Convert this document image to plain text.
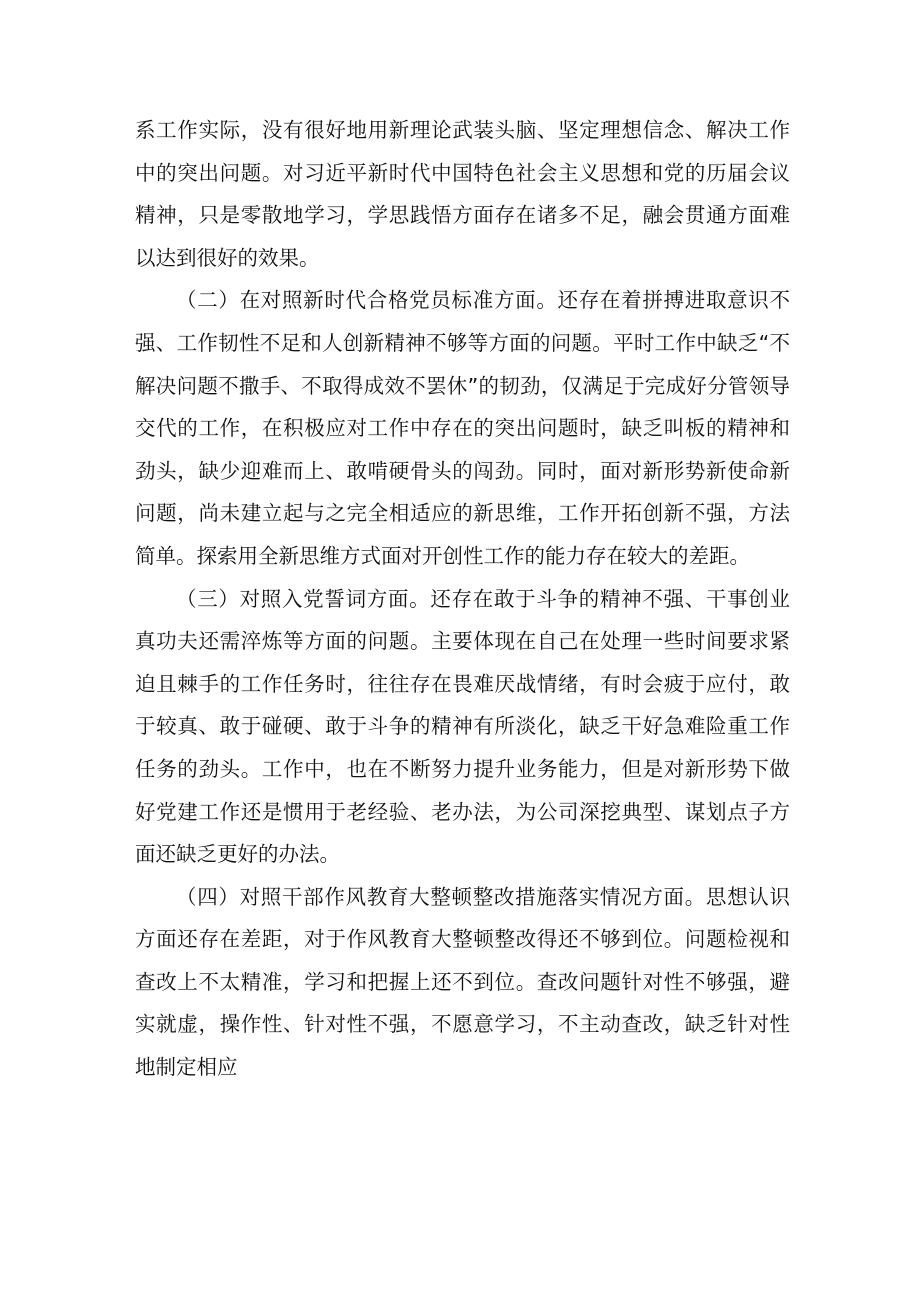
系工作实际，没有很好地用新理论武装头脑、坚定理想信念、解决工作中的突出问题。对习近平新时代中国特色社会主义思想和党的历届会议精神，只是零散地学习，学思践悟方面存在诸多不足，融会贯通方面难以达到很好的效果。

（二）在对照新时代合格党员标准方面。还存在着拼搏进取意识不强、工作韧性不足和人创新精神不够等方面的问题。平时工作中缺乏“不解决问题不撒手、不取得成效不罢休”的韧劲，仅满足于完成好分管领导交代的工作，在积极应对工作中存在的突出问题时，缺乏叫板的精神和劲头，缺少迎难而上、敢啃硬骨头的闯劲。同时，面对新形势新使命新问题，尚未建立起与之完全相适应的新思维，工作开拓创新不强，方法简单。探索用全新思维方式面对开创性工作的能力存在较大的差距。

（三）对照入党誓词方面。还存在敢于斗争的精神不强、干事创业真功夫还需淬炼等方面的问题。主要体现在自己在处理一些时间要求紧迫且棘手的工作任务时，往往存在畏难厌战情绪，有时会疲于应付，敢于较真、敢于碰硬、敢于斗争的精神有所淡化，缺乏干好急难险重工作任务的劲头。工作中，也在不断努力提升业务能力，但是对新形势下做好党建工作还是惯用于老经验、老办法，为公司深挖典型、谋划点子方面还缺乏更好的办法。

（四）对照干部作风教育大整顿整改措施落实情况方面。思想认识方面还存在差距，对于作风教育大整顿整改得还不够到位。问题检视和查改上不太精准，学习和把握上还不到位。查改问题针对性不够强，避实就虚，操作性、针对性不强，不愿意学习，不主动查改，缺乏针对性地制定相应
